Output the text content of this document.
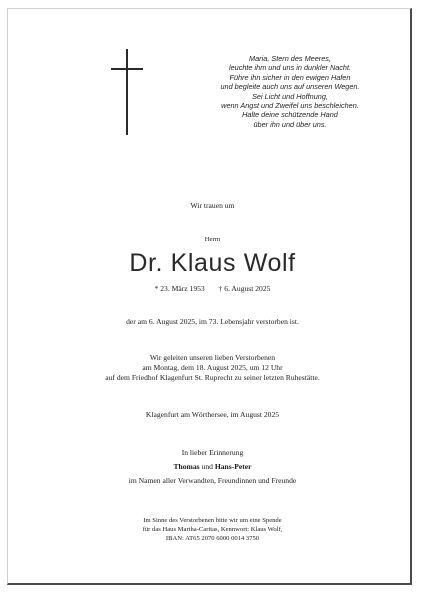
Maria, Stern des Meeres,
leuchte ihm und uns in dunkler Nacht.
Führe ihn sicher in den ewigen Hafen
und begleite auch uns auf unseren Wegen.
Sei Licht und Hoffnung,
wenn Angst und Zweifel uns beschleichen.
Halte deine schützende Hand
über ihn und über uns.
Wir trauen um
Herrn
Dr. Klaus Wolf
* 23. März 1953 † 6. August 2025
der am 6. August 2025, im 73. Lebensjahr verstorben ist.
Wir geleiten unseren lieben Verstorbenen
am Montag, dem 18. August 2025, um 12 Uhr
auf dem Friedhof Klagenfurt St. Ruprecht zu seiner letzten Ruhestätte.
Klagenfurt am Wörthersee, im August 2025
In lieber Erinnerung
Thomas und Hans-Peter
im Namen aller Verwandten, Freundinnen und Freunde
Im Sinne des Verstorbenen bitte wir um eine Spende
für das Haus Martha-Caritas, Kennwort: Klaus Wolf,
IBAN: AT65 2070 6000 0014 3750
